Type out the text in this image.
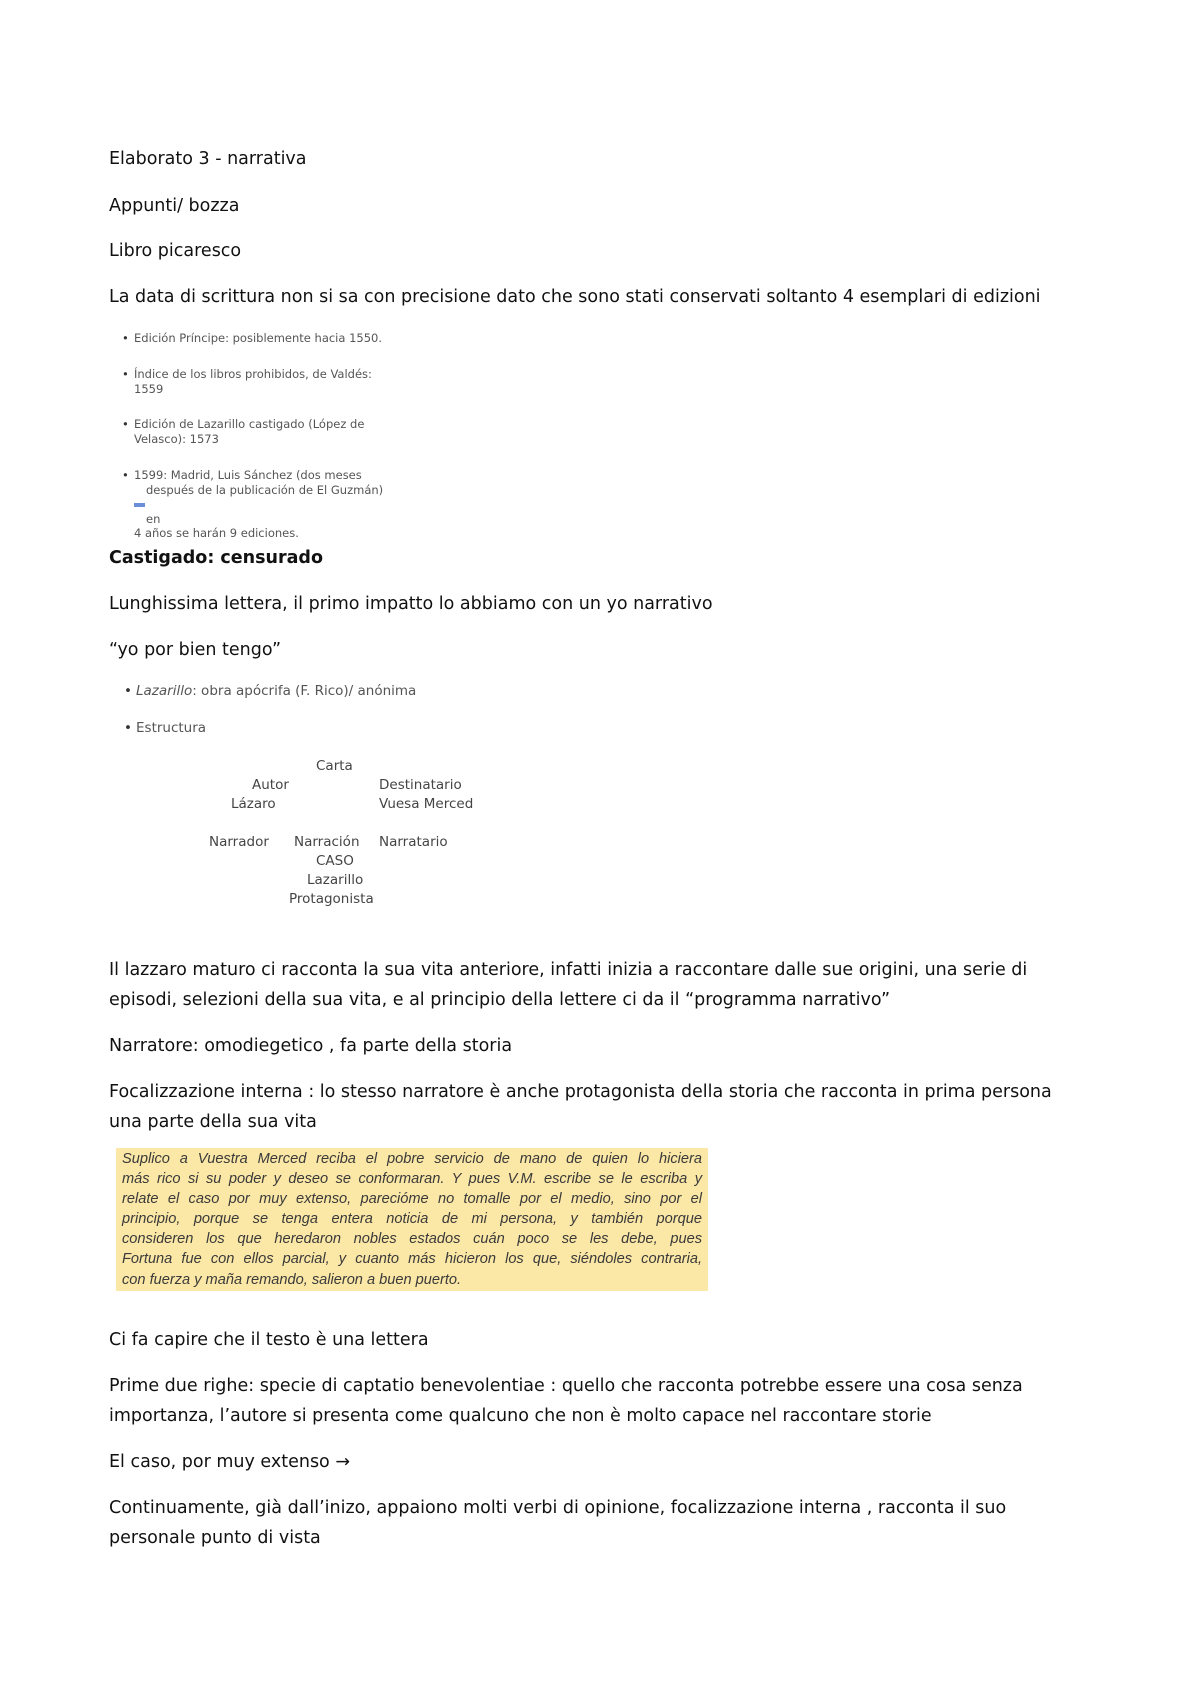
Elaborato 3 - narrativa

Appunti/ bozza

Libro picaresco

La data di scrittura non si sa con precisione dato che sono stati conservati soltanto 4 esemplari di edizioni

• Edición Príncipe: posiblemente hacia 1550.
• Índice de los libros prohibidos, de Valdés:
1559
• Edición de Lazarillo castigado (López de
Velasco): 1573
• 1599: Madrid, Luis Sánchez (dos meses
después de la publicación de El Guzmán)
en
4 años se harán 9 ediciones.

Castigado: censurado

Lunghissima lettera, il primo impatto lo abbiamo con un yo narrativo

“yo por bien tengo”

• Lazarillo: obra apócrifa (F. Rico)/ anónima
• Estructura
Carta
Autor
Lázaro
Destinatario
Vuesa Merced
Narrador Narración Narratario
CASO
Lazarillo
Protagonista

Il lazzaro maturo ci racconta la sua vita anteriore, infatti inizia a raccontare dalle sue origini, una serie di

episodi, selezioni della sua vita, e al principio della lettere ci da il “programma narrativo”

Narratore: omodiegetico , fa parte della storia

Focalizzazione interna : lo stesso narratore è anche protagonista della storia che racconta in prima persona

una parte della sua vita

Suplico a Vuestra Merced reciba el pobre servicio de mano de quien lo hiciera
más rico si su poder y deseo se conformaran. Y pues V.M. escribe se le escriba y
relate el caso por muy extenso, parecióme no tomalle por el medio, sino por el
principio, porque se tenga entera noticia de mi persona, y también porque
consideren los que heredaron nobles estados cuán poco se les debe, pues
Fortuna fue con ellos parcial, y cuanto más hicieron los que, siéndoles contraria,
con fuerza y maña remando, salieron a buen puerto.

Ci fa capire che il testo è una lettera

Prime due righe: specie di captatio benevolentiae : quello che racconta potrebbe essere una cosa senza

importanza, l’autore si presenta come qualcuno che non è molto capace nel raccontare storie

El caso, por muy extenso →

Continuamente, già dall’inizo, appaiono molti verbi di opinione, focalizzazione interna , racconta il suo

personale punto di vista
